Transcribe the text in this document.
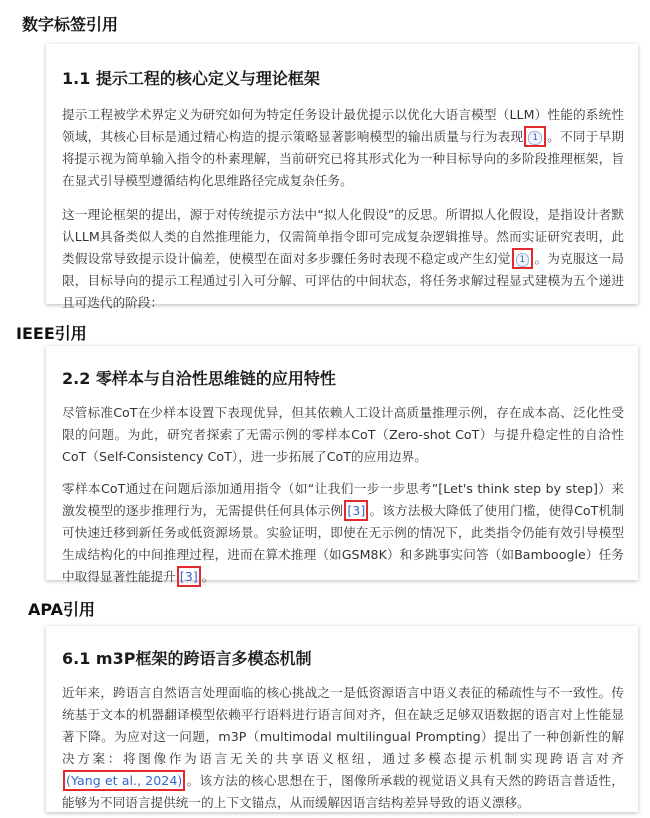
数字标签引用
1.1 提示工程的核心定义与理论框架

提示工程被学术界定义为研究如何为特定任务设计最优提示以优化大语言模型（LLM）性能的系统性领域，其核心目标是通过精心构造的提示策略显著影响模型的输出质量与行为表现 1 。不同于早期将提示视为简单输入指令的朴素理解，当前研究已将其形式化为一种目标导向的多阶段推理框架，旨在显式引导模型遵循结构化思维路径完成复杂任务。

这一理论框架的提出，源于对传统提示方法中“拟人化假设”的反思。所谓拟人化假设，是指设计者默认LLM具备类似人类的自然推理能力，仅需简单指令即可完成复杂逻辑推导。然而实证研究表明，此类假设常导致提示设计偏差，使模型在面对多步骤任务时表现不稳定或产生幻觉 1 。为克服这一局限，目标导向的提示工程通过引入可分解、可评估的中间状态，将任务求解过程显式建模为五个递进且可迭代的阶段：

IEEE引用
2.2 零样本与自洽性思维链的应用特性

尽管标准CoT在少样本设置下表现优异，但其依赖人工设计高质量推理示例，存在成本高、泛化性受限的问题。为此，研究者探索了无需示例的零样本CoT（Zero-shot CoT）与提升稳定性的自洽性CoT（Self-Consistency CoT），进一步拓展了CoT的应用边界。

零样本CoT通过在问题后添加通用指令（如“让我们一步一步思考”[Let's think step by step]）来激发模型的逐步推理行为，无需提供任何具体示例 [3] 。该方法极大降低了使用门槛，使得CoT机制可快速迁移到新任务或低资源场景。实验证明，即使在无示例的情况下，此类指令仍能有效引导模型生成结构化的中间推理过程，进而在算术推理（如GSM8K）和多跳事实问答（如Bamboogle）任务中取得显著性能提升 [3] 。

APA引用
6.1 m3P框架的跨语言多模态机制

近年来，跨语言自然语言处理面临的核心挑战之一是低资源语言中语义表征的稀疏性与不一致性。传统基于文本的机器翻译模型依赖平行语料进行语言间对齐，但在缺乏足够双语数据的语言对上性能显著下降。为应对这一问题，m3P（multimodal multilingual Prompting）提出了一种创新性的解决方案：将图像作为语言无关的共享语义枢纽，通过多模态提示机制实现跨语言对齐(Yang et al., 2024) 。该方法的核心思想在于，图像所承载的视觉语义具有天然的跨语言普适性，能够为不同语言提供统一的上下文锚点，从而缓解因语言结构差异导致的语义漂移。
